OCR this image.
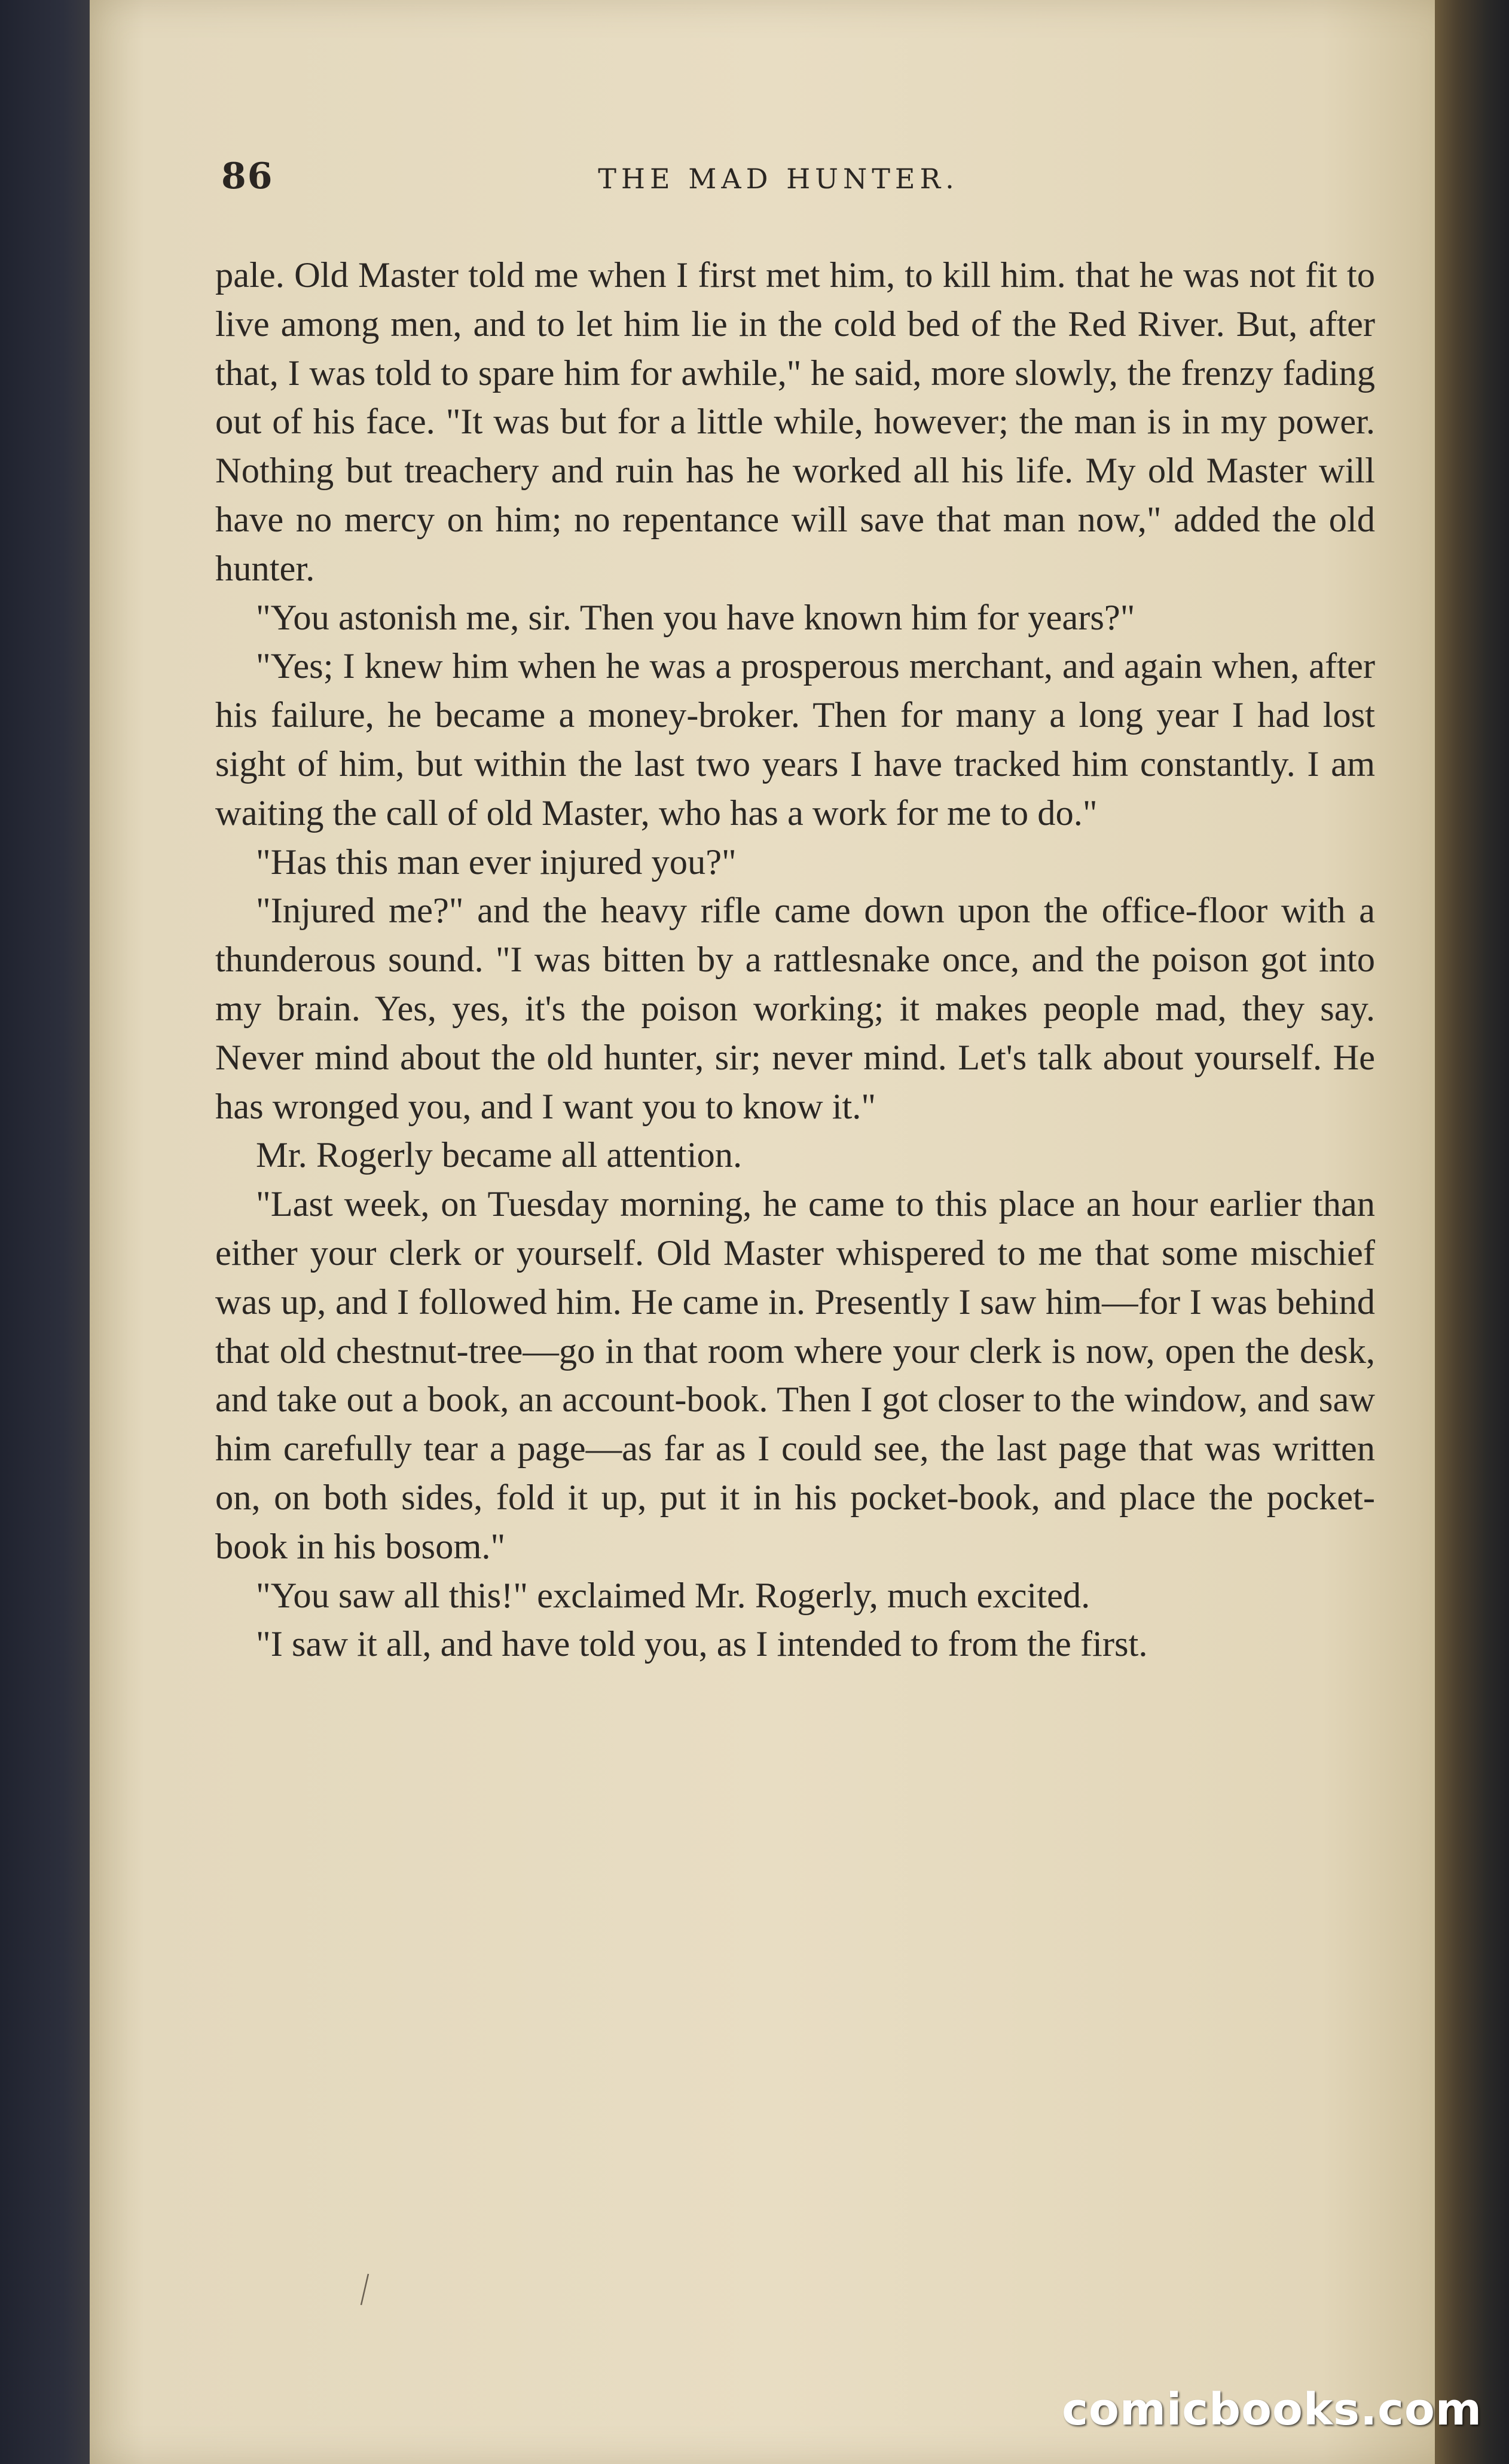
86	THE MAD HUNTER.

pale. Old Master told me when I first met him, to kill him. that he was not fit to live among men, and to let him lie in the cold bed of the Red River. But, after that, I was told to spare him for awhile," he said, more slowly, the frenzy fading out of his face. "It was but for a little while, however; the man is in my power. Nothing but treachery and ruin has he worked all his life. My old Master will have no mercy on him; no repentance will save that man now," added the old hunter.

"You astonish me, sir. Then you have known him for years?"

"Yes; I knew him when he was a prosperous merchant, and again when, after his failure, he became a money-broker. Then for many a long year I had lost sight of him, but within the last two years I have tracked him constantly. I am waiting the call of old Master, who has a work for me to do."

"Has this man ever injured you?"

"Injured me?" and the heavy rifle came down upon the office-floor with a thunderous sound. "I was bitten by a rattlesnake once, and the poison got into my brain. Yes, yes, it's the poison working; it makes people mad, they say. Never mind about the old hunter, sir; never mind. Let's talk about yourself. He has wronged you, and I want you to know it."

Mr. Rogerly became all attention.

"Last week, on Tuesday morning, he came to this place an hour earlier than either your clerk or yourself. Old Master whispered to me that some mischief was up, and I followed him. He came in. Presently I saw him—for I was behind that old chestnut-tree—go in that room where your clerk is now, open the desk, and take out a book, an account-book. Then I got closer to the window, and saw him carefully tear a page—as far as I could see, the last page that was written on, on both sides, fold it up, put it in his pocket-book, and place the pocket-book in his bosom."

"You saw all this!" exclaimed Mr. Rogerly, much excited.

"I saw it all, and have told you, as I intended to from the first.

comicbooks.com
